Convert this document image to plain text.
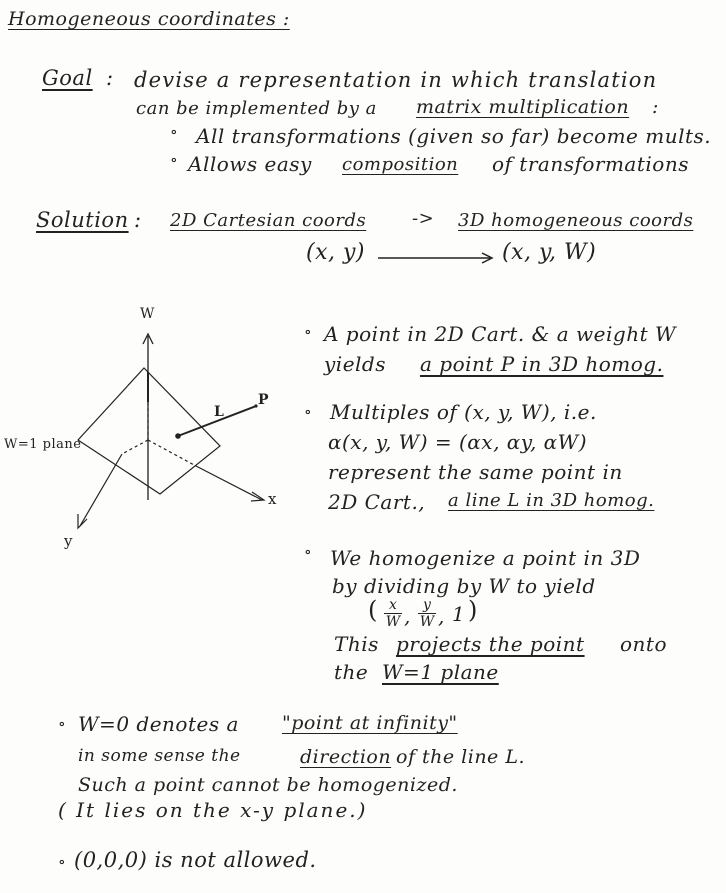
Homogeneous coordinates :
Goal : devise a representation in which translation
can be implemented by a matrix multiplication :
∘ All transformations (given so far) become mults.
∘ Allows easy composition of transformations
Solution : 2D Cartesian coords	-> 3D homogeneous coords
(x, y)	(x, y, W)
W
P
L
W=1 plane
x
y
∘ A point in 2D Cart. & a weight W
yields a point P in 3D homog.
∘ Multiples of (x, y, W), i.e.
α(x, y, W) = (αx, αy, αW)
represent the same point in
2D Cart., a line L in 3D homog.
∘ We homogenize a point in 3D
by dividing by W to yield
( x
W , y
W , 1 )
This projects the point onto
the W=1 plane
∘ W=0 denotes a "point at infinity"
in some sense the	direction of the line L.
Such a point cannot be homogenized.
( It lies on the x-y plane.)
∘ (0,0,0) is not allowed.
